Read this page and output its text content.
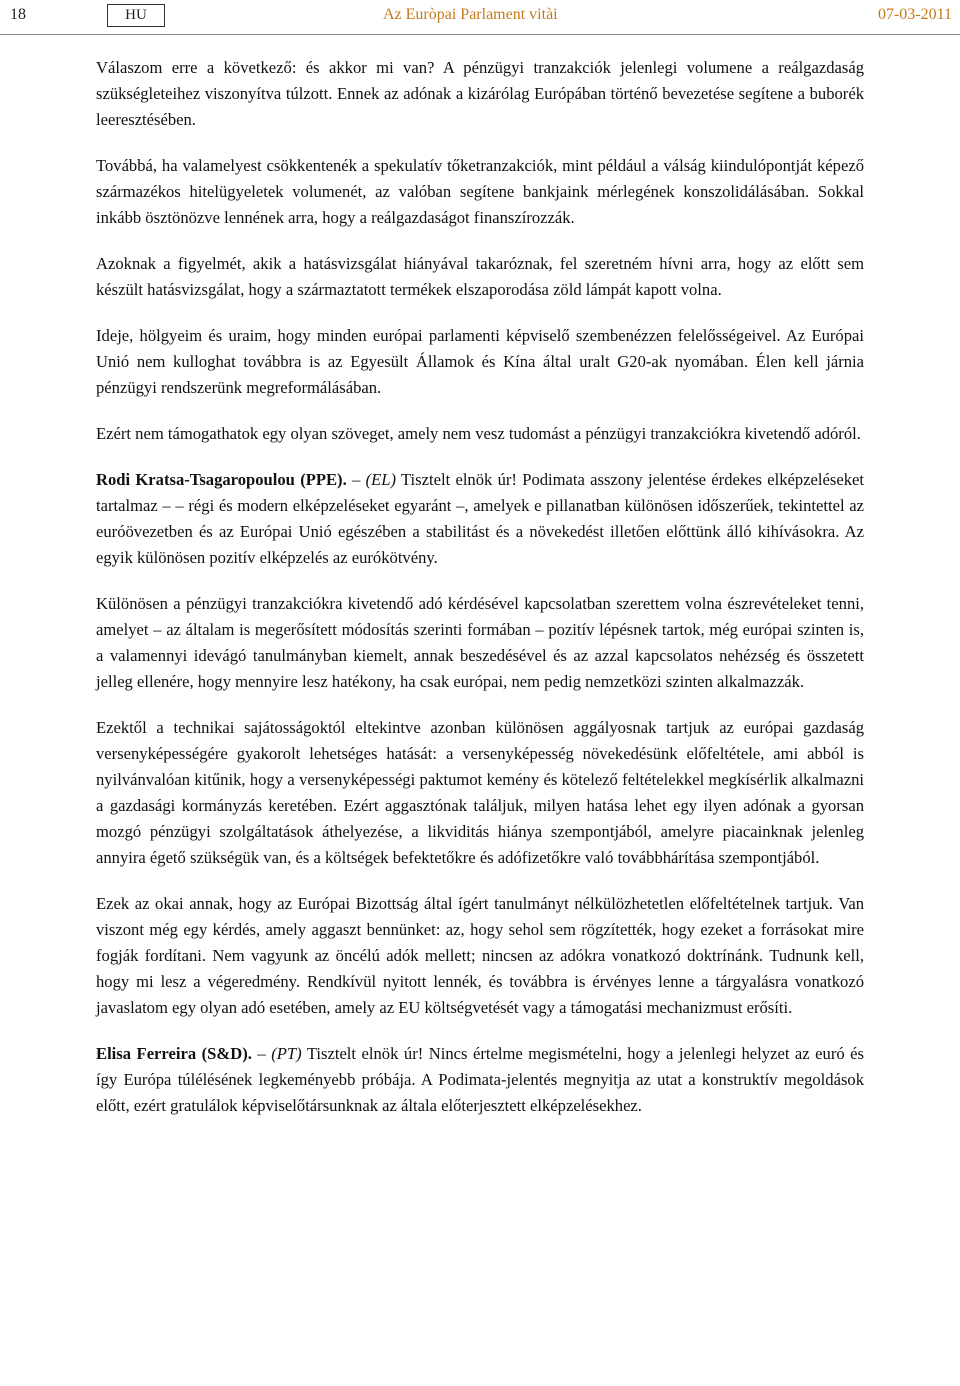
18	HU	Az Euròpai Parlament vitài	07-03-2011

Válaszom erre a következő: és akkor mi van? A pénzügyi tranzakciók jelenlegi volumene a reálgazdaság szükségleteihez viszonyítva túlzott. Ennek az adónak a kizárólag Európában történő bevezetése segítene a buborék leeresztésében.

Továbbá, ha valamelyest csökkentenék a spekulatív tőketranzakciók, mint például a válság kiindulópontját képező származékos hitelügyeletek volumenét, az valóban segítene bankjaink mérlegének konszolidálásában. Sokkal inkább ösztönözve lennének arra, hogy a reálgazdaságot finanszírozzák.

Azoknak a figyelmét, akik a hatásvizsgálat hiányával takaróznak, fel szeretném hívni arra, hogy az előtt sem készült hatásvizsgálat, hogy a származtatott termékek elszaporodása zöld lámpát kapott volna.

Ideje, hölgyeim és uraim, hogy minden európai parlamenti képviselő szembenézzen felelősségeivel. Az Európai Unió nem kulloghat továbbra is az Egyesült Államok és Kína által uralt G20-ak nyomában. Élen kell járnia pénzügyi rendszerünk megreformálásában.

Ezért nem támogathatok egy olyan szöveget, amely nem vesz tudomást a pénzügyi tranzakciókra kivetendő adóról.

Rodi Kratsa-Tsagaropoulou (PPE). – (EL) Tisztelt elnök úr! Podimata asszony jelentése érdekes elképzeléseket tartalmaz – – régi és modern elképzeléseket egyaránt –, amelyek e pillanatban különösen időszerűek, tekintettel az euróövezetben és az Európai Unió egészében a stabilitást és a növekedést illetően előttünk álló kihívásokra. Az egyik különösen pozitív elképzelés az eurókötvény.

Különösen a pénzügyi tranzakciókra kivetendő adó kérdésével kapcsolatban szerettem volna észrevételeket tenni, amelyet – az általam is megerősített módosítás szerinti formában – pozitív lépésnek tartok, még európai szinten is, a valamennyi idevágó tanulmányban kiemelt, annak beszedésével és az azzal kapcsolatos nehézség és összetett jelleg ellenére, hogy mennyire lesz hatékony, ha csak európai, nem pedig nemzetközi szinten alkalmazzák.

Ezektől a technikai sajátosságoktól eltekintve azonban különösen aggályosnak tartjuk az európai gazdaság versenyképességére gyakorolt lehetséges hatását: a versenyképesség növekedésünk előfeltétele, ami abból is nyilvánvalóan kitűnik, hogy a versenyképességi paktumot kemény és kötelező feltételekkel megkísérlik alkalmazni a gazdasági kormányzás keretében. Ezért aggasztónak találjuk, milyen hatása lehet egy ilyen adónak a gyorsan mozgó pénzügyi szolgáltatások áthelyezése, a likviditás hiánya szempontjából, amelyre piacainknak jelenleg annyira égető szükségük van, és a költségek befektetőkre és adófizetőkre való továbbhárítása szempontjából.

Ezek az okai annak, hogy az Európai Bizottság által ígért tanulmányt nélkülözhetetlen előfeltételnek tartjuk. Van viszont még egy kérdés, amely aggaszt bennünket: az, hogy sehol sem rögzítették, hogy ezeket a forrásokat mire fogják fordítani. Nem vagyunk az öncélú adók mellett; nincsen az adókra vonatkozó doktrínánk. Tudnunk kell, hogy mi lesz a végeredmény. Rendkívül nyitott lennék, és továbbra is érvényes lenne a tárgyalásra vonatkozó javaslatom egy olyan adó esetében, amely az EU költségvetését vagy a támogatási mechanizmust erősíti.

Elisa Ferreira (S&D). – (PT) Tisztelt elnök úr! Nincs értelme megismételni, hogy a jelenlegi helyzet az euró és így Európa túlélésének legkeményebb próbája. A Podimata-jelentés megnyitja az utat a konstruktív megoldások előtt, ezért gratulálok képviselőtársunknak az általa előterjesztett elképzelésekhez.
